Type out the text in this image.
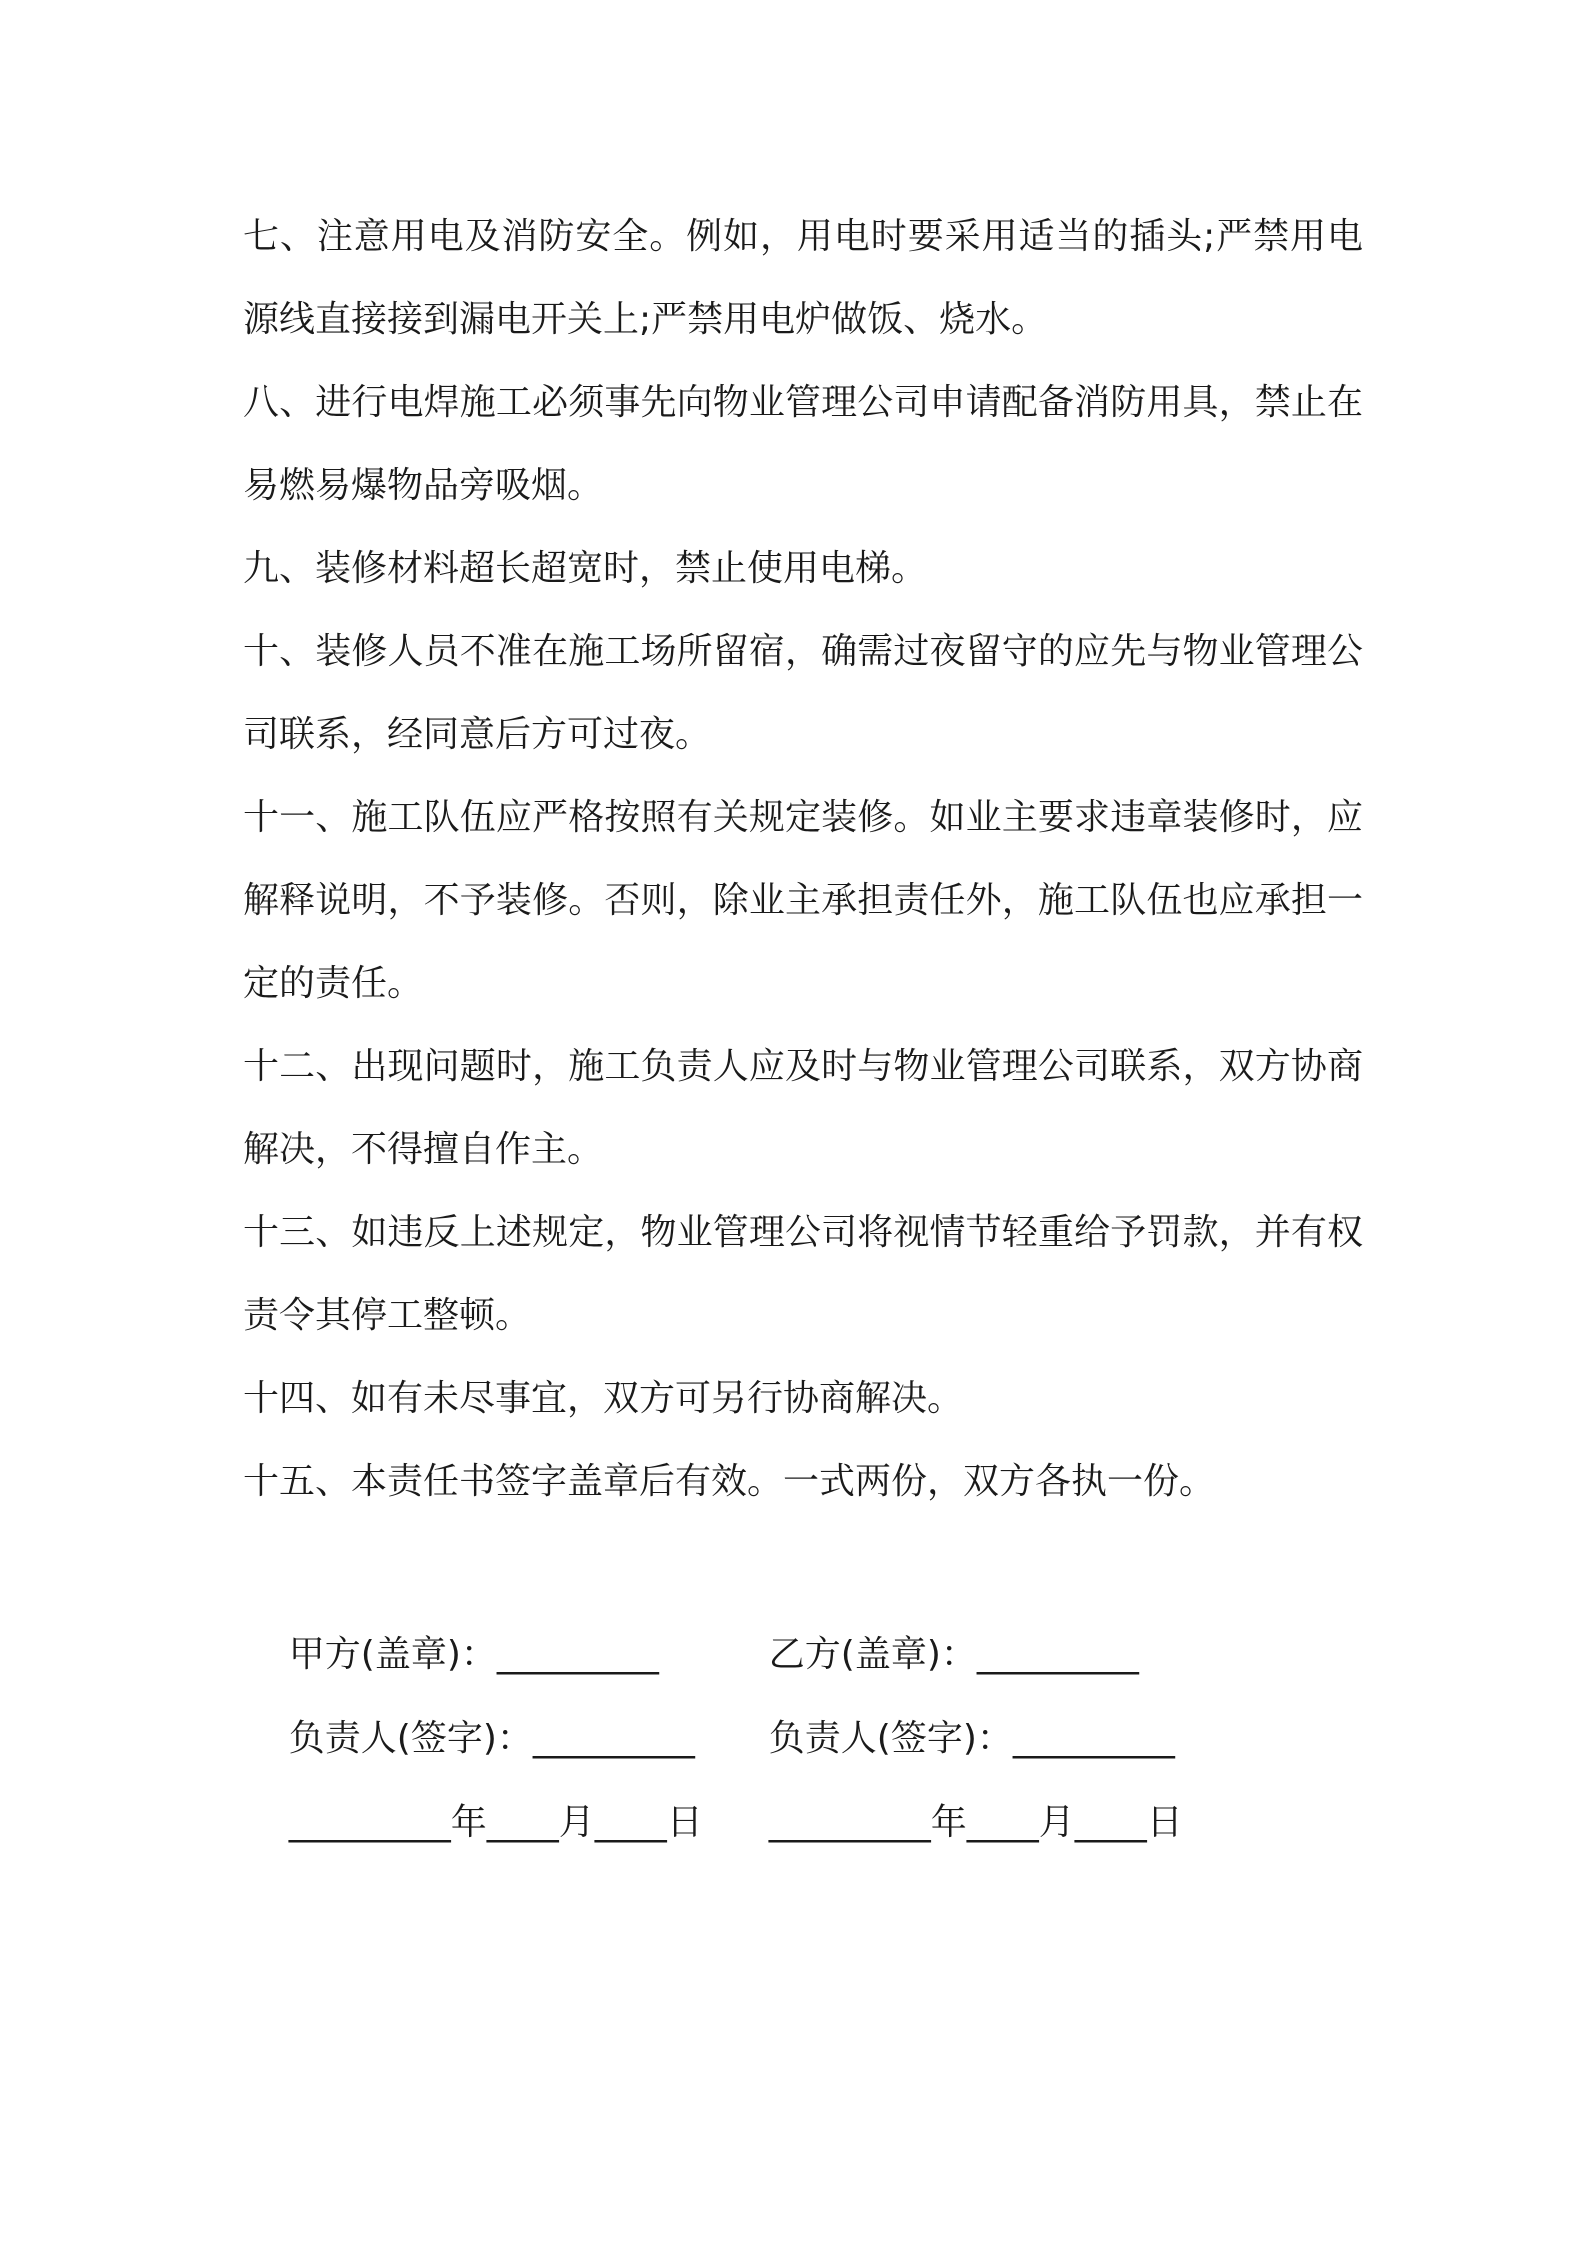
七、注意用电及消防安全。例如，用电时要采用适当的插头;严禁用电源线直接接到漏电开关上;严禁用电炉做饭、烧水。

八、进行电焊施工必须事先向物业管理公司申请配备消防用具，禁止在易燃易爆物品旁吸烟。

九、装修材料超长超宽时，禁止使用电梯。

十、装修人员不准在施工场所留宿，确需过夜留守的应先与物业管理公司联系，经同意后方可过夜。

十一、施工队伍应严格按照有关规定装修。如业主要求违章装修时，应解释说明，不予装修。否则，除业主承担责任外，施工队伍也应承担一定的责任。

十二、出现问题时，施工负责人应及时与物业管理公司联系，双方协商解决，不得擅自作主。

十三、如违反上述规定，物业管理公司将视情节轻重给予罚款，并有权责令其停工整顿。

十四、如有未尽事宜，双方可另行协商解决。

十五、本责任书签字盖章后有效。一式两份，双方各执一份。

甲方(盖章)：_________	乙方(盖章)：_________

负责人(签字)：_________ 负责人(签字)：_________

_________年____月____日 _________年____月____日
